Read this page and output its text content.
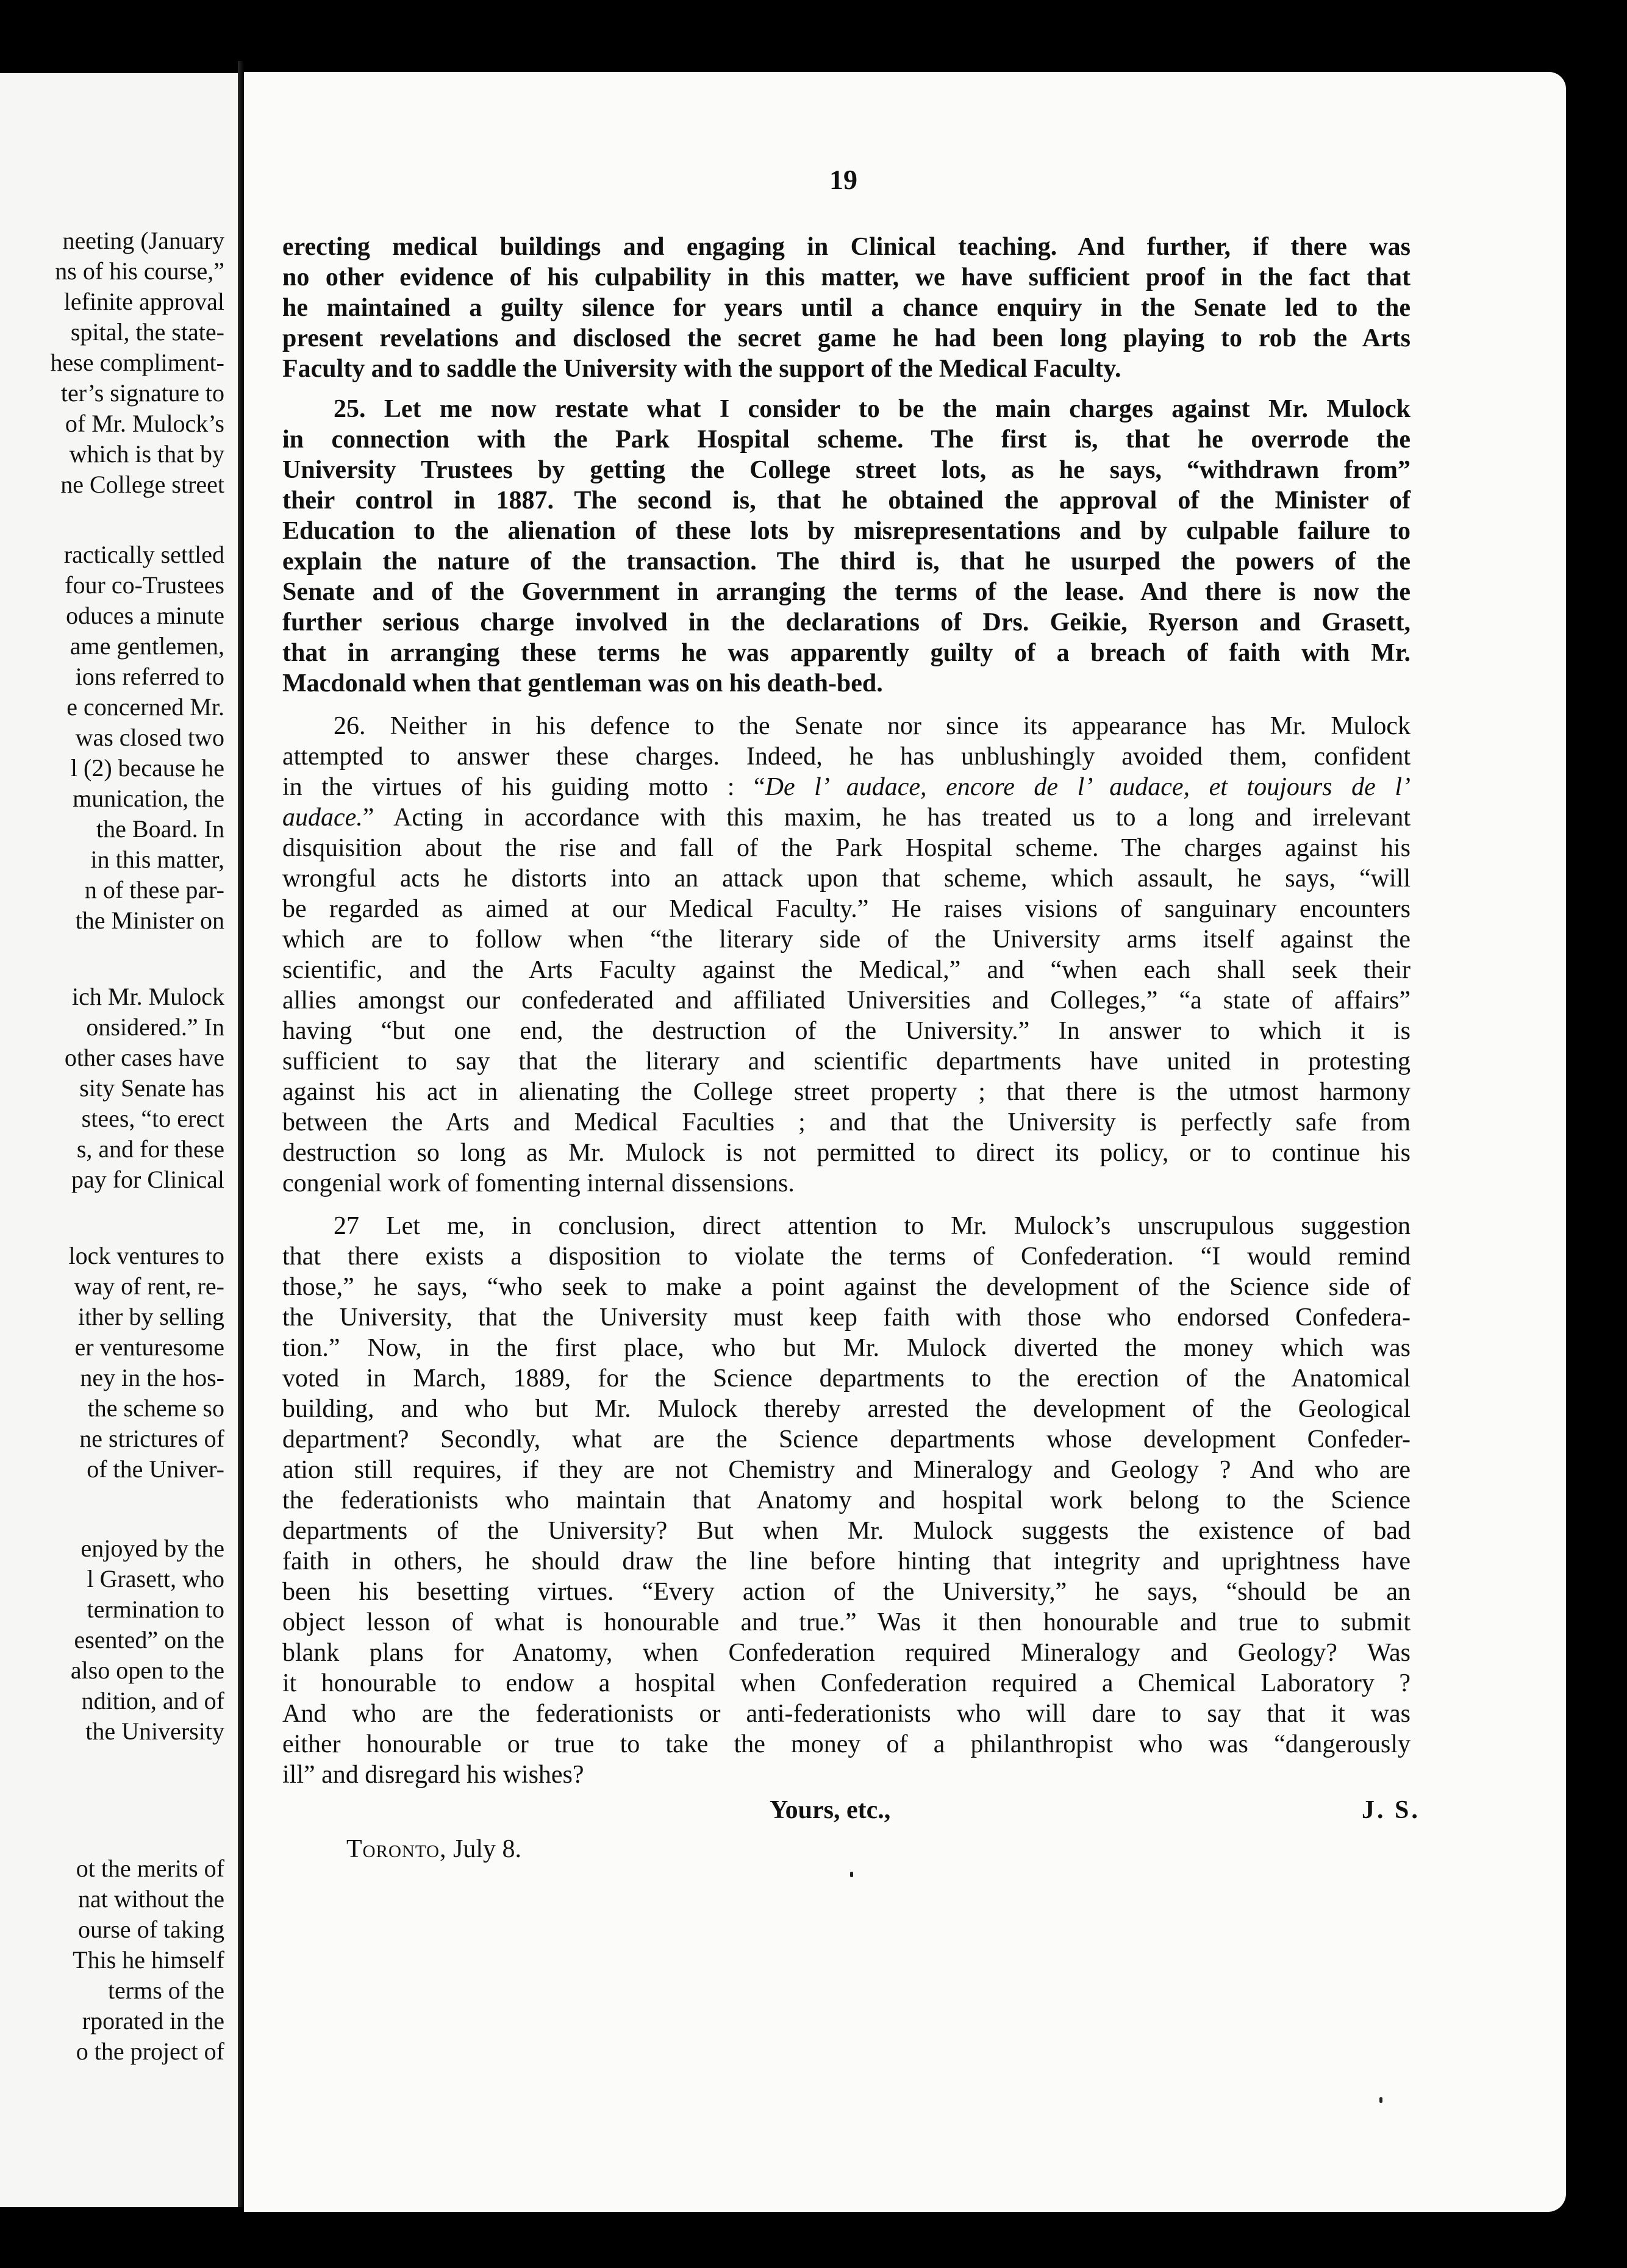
neeting (January
ns of his course,”
lefinite approval
spital, the state-
hese compliment-
ter’s signature to
of Mr. Mulock’s
which is that by
ne College street
ractically settled
four co-Trustees
oduces a minute
ame gentlemen,
ions referred to
e concerned Mr.
was closed two
l (2) because he
munication, the
the Board. In
in this matter,
n of these par-
the Minister on
ich Mr. Mulock
onsidered.” In
other cases have
sity Senate has
stees, “to erect
s, and for these
pay for Clinical
lock ventures to
way of rent, re-
ither by selling
er venturesome
ney in the hos-
the scheme so
ne strictures of
of the Univer-
enjoyed by the
l Grasett, who
termination to
esented” on the
also open to the
ndition, and of
the University
ot the merits of
nat without the
ourse of taking
This he himself
terms of the
rporated in the
o the project of

19

erecting medical buildings and engaging in Clinical teaching. And further, if there was
no other evidence of his culpability in this matter, we have sufficient proof in the fact that
he maintained a guilty silence for years until a chance enquiry in the Senate led to the
present revelations and disclosed the secret game he had been long playing to rob the Arts
Faculty and to saddle the University with the support of the Medical Faculty.
25. Let me now restate what I consider to be the main charges against Mr. Mulock
in connection with the Park Hospital scheme. The first is, that he overrode the
University Trustees by getting the College street lots, as he says, “withdrawn from”
their control in 1887. The second is, that he obtained the approval of the Minister of
Education to the alienation of these lots by misrepresentations and by culpable failure to
explain the nature of the transaction. The third is, that he usurped the powers of the
Senate and of the Government in arranging the terms of the lease. And there is now the
further serious charge involved in the declarations of Drs. Geikie, Ryerson and Grasett,
that in arranging these terms he was apparently guilty of a breach of faith with Mr.
Macdonald when that gentleman was on his death-bed.
26. Neither in his defence to the Senate nor since its appearance has Mr. Mulock
attempted to answer these charges. Indeed, he has unblushingly avoided them, confident
in the virtues of his guiding motto : “De l’ audace, encore de l’ audace, et toujours de l’
audace.” Acting in accordance with this maxim, he has treated us to a long and irrelevant
disquisition about the rise and fall of the Park Hospital scheme. The charges against his
wrongful acts he distorts into an attack upon that scheme, which assault, he says, “will
be regarded as aimed at our Medical Faculty.” He raises visions of sanguinary encounters
which are to follow when “the literary side of the University arms itself against the
scientific, and the Arts Faculty against the Medical,” and “when each shall seek their
allies amongst our confederated and affiliated Universities and Colleges,” “a state of affairs”
having “but one end, the destruction of the University.” In answer to which it is
sufficient to say that the literary and scientific departments have united in protesting
against his act in alienating the College street property ; that there is the utmost harmony
between the Arts and Medical Faculties ; and that the University is perfectly safe from
destruction so long as Mr. Mulock is not permitted to direct its policy, or to continue his
congenial work of fomenting internal dissensions.
27 Let me, in conclusion, direct attention to Mr. Mulock’s unscrupulous suggestion
that there exists a disposition to violate the terms of Confederation. “I would remind
those,” he says, “who seek to make a point against the development of the Science side of
the University, that the University must keep faith with those who endorsed Confedera-
tion.” Now, in the first place, who but Mr. Mulock diverted the money which was
voted in March, 1889, for the Science departments to the erection of the Anatomical
building, and who but Mr. Mulock thereby arrested the development of the Geological
department? Secondly, what are the Science departments whose development Confeder-
ation still requires, if they are not Chemistry and Mineralogy and Geology ? And who are
the federationists who maintain that Anatomy and hospital work belong to the Science
departments of the University? But when Mr. Mulock suggests the existence of bad
faith in others, he should draw the line before hinting that integrity and uprightness have
been his besetting virtues. “Every action of the University,” he says, “should be an
object lesson of what is honourable and true.” Was it then honourable and true to submit
blank plans for Anatomy, when Confederation required Mineralogy and Geology? Was
it honourable to endow a hospital when Confederation required a Chemical Laboratory ?
And who are the federationists or anti-federationists who will dare to say that it was
either honourable or true to take the money of a philanthropist who was “dangerously
ill” and disregard his wishes?
Yours, etc.,	J. S.
Toronto, July 8.
